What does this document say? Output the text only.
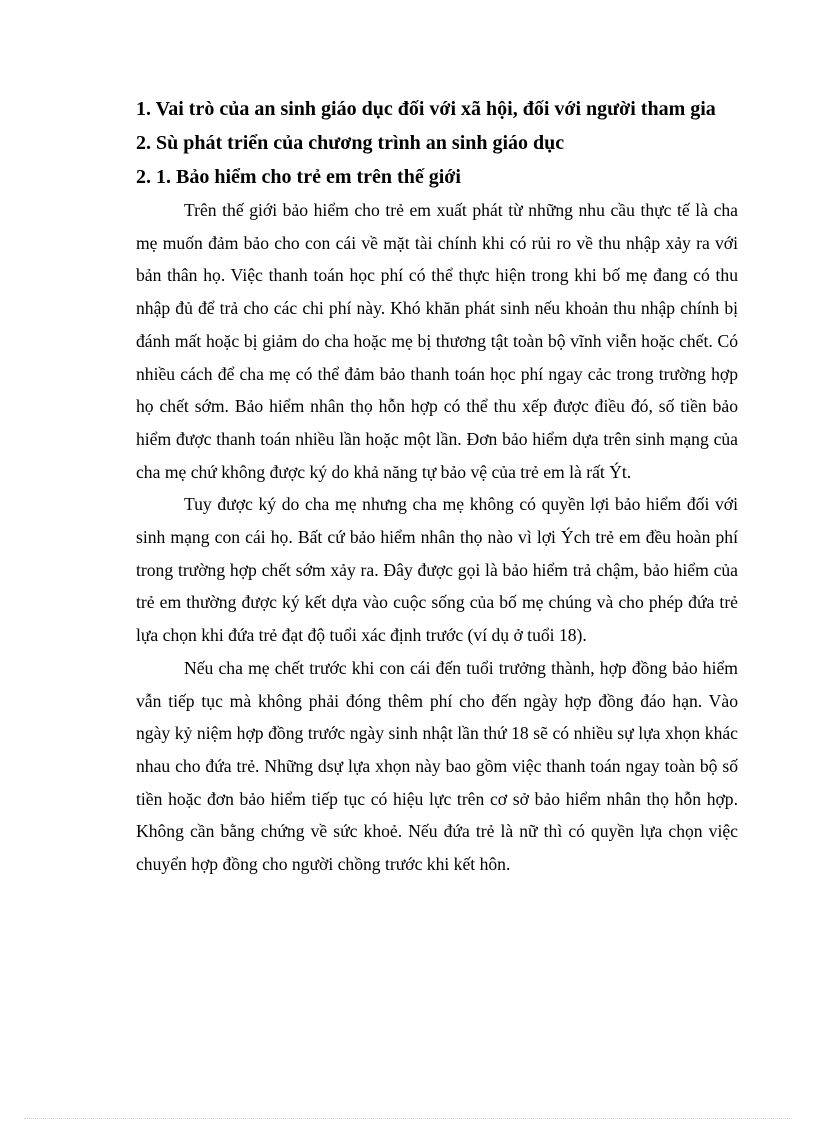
1. Vai trò của an sinh giáo dục đối với xã hội, đối với người tham gia

2. Sù phát triển của chương trình an sinh giáo dục

2. 1. Bảo hiểm cho trẻ em trên thế giới

Trên thế giới bảo hiểm cho trẻ em xuất phát từ những nhu cầu thực tế là cha mẹ muốn đảm bảo cho con cái về mặt tài chính khi có rủi ro về thu nhập xảy ra với bản thân họ. Việc thanh toán học phí có thể thực hiện trong khi bố mẹ đang có thu nhập đủ để trả cho các chi phí này. Khó khăn phát sinh nếu khoản thu nhập chính bị đánh mất hoặc bị giảm do cha hoặc mẹ bị thương tật toàn bộ vĩnh viễn hoặc chết. Có nhiều cách để cha mẹ có thể đảm bảo thanh toán học phí ngay cảc trong trường hợp họ chết sớm. Bảo hiểm nhân thọ hỗn hợp có thể thu xếp được điều đó, số tiền bảo hiểm được thanh toán nhiều lần hoặc một lần. Đơn bảo hiểm dựa trên sinh mạng của cha mẹ chứ không được ký do khả năng tự bảo vệ của trẻ em là rất Ýt.

Tuy được ký do cha mẹ nhưng cha mẹ không có quyền lợi bảo hiểm đối với sinh mạng con cái họ. Bất cứ bảo hiểm nhân thọ nào vì lợi Ých trẻ em đều hoàn phí trong trường hợp chết sớm xảy ra. Đây được gọi là bảo hiểm trả chậm, bảo hiểm của trẻ em thường được ký kết dựa vào cuộc sống của bố mẹ chúng và cho phép đứa trẻ lựa chọn khi đứa trẻ đạt độ tuổi xác định trước (ví dụ ở tuổi 18).

Nếu cha mẹ chết trước khi con cái đến tuổi trưởng thành, hợp đồng bảo hiểm vẫn tiếp tục mà không phải đóng thêm phí cho đến ngày hợp đồng đáo hạn. Vào ngày kỷ niệm hợp đồng trước ngày sinh nhật lần thứ 18 sẽ có nhiều sự lựa xhọn khác nhau cho đứa trẻ. Những dsự lựa xhọn này bao gồm việc thanh toán ngay toàn bộ số tiền hoặc đơn bảo hiểm tiếp tục có hiệu lực trên cơ sở bảo hiểm nhân thọ hỗn hợp. Không cần bằng chứng về sức khoẻ. Nếu đứa trẻ là nữ thì có quyền lựa chọn việc chuyển hợp đồng cho người chồng trước khi kết hôn.
